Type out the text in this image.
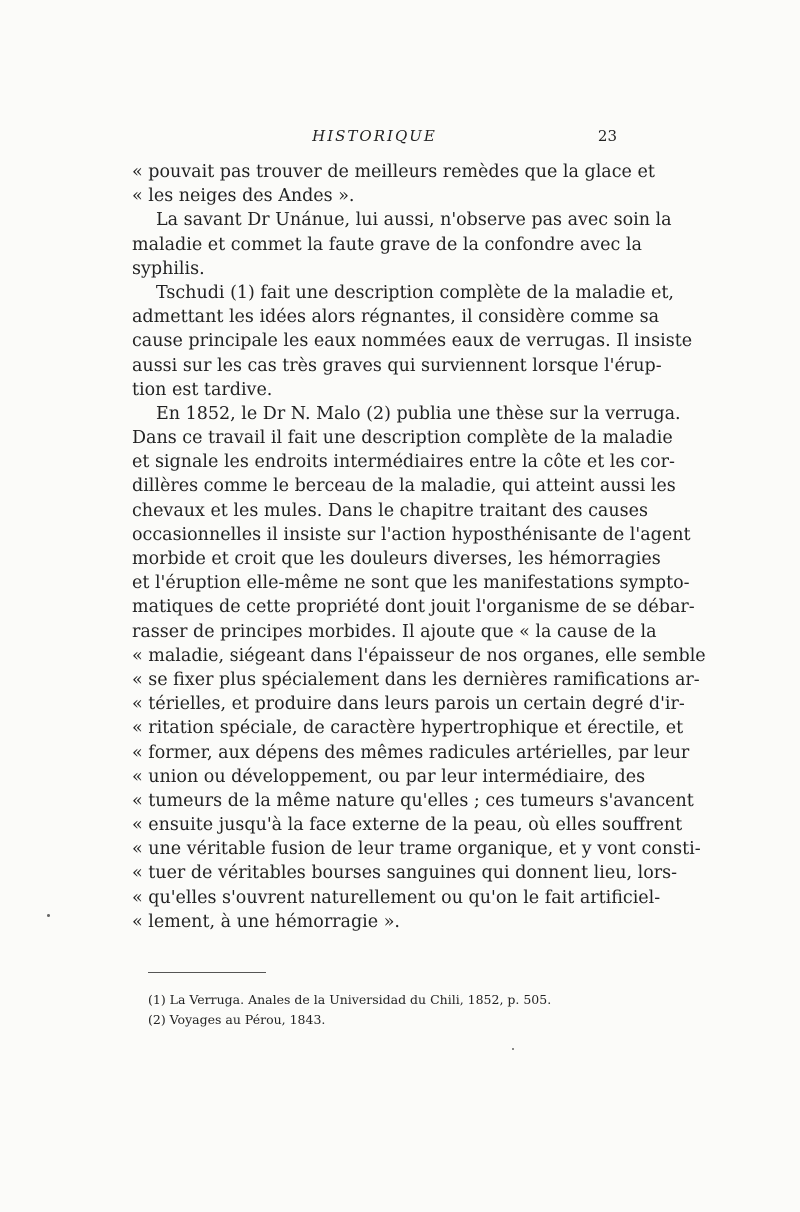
HISTORIQUE	23
« pouvait pas trouver de meilleurs remèdes que la glace et
« les neiges des Andes ».
La savant Dr Unánue, lui aussi, n'observe pas avec soin la
maladie et commet la faute grave de la confondre avec la
syphilis.
Tschudi (1) fait une description complète de la maladie et,
admettant les idées alors régnantes, il considère comme sa
cause principale les eaux nommées eaux de verrugas. Il insiste
aussi sur les cas très graves qui surviennent lorsque l'érup-
tion est tardive.
En 1852, le Dr N. Malo (2) publia une thèse sur la verruga.
Dans ce travail il fait une description complète de la maladie
et signale les endroits intermédiaires entre la côte et les cor-
dillères comme le berceau de la maladie, qui atteint aussi les
chevaux et les mules. Dans le chapitre traitant des causes
occasionnelles il insiste sur l'action hyposthénisante de l'agent
morbide et croit que les douleurs diverses, les hémorragies
et l'éruption elle-même ne sont que les manifestations sympto-
matiques de cette propriété dont jouit l'organisme de se débar-
rasser de principes morbides. Il ajoute que « la cause de la
« maladie, siégeant dans l'épaisseur de nos organes, elle semble
« se fixer plus spécialement dans les dernières ramifications ar-
« térielles, et produire dans leurs parois un certain degré d'ir-
« ritation spéciale, de caractère hypertrophique et érectile, et
« former, aux dépens des mêmes radicules artérielles, par leur
« union ou développement, ou par leur intermédiaire, des
« tumeurs de la même nature qu'elles ; ces tumeurs s'avancent
« ensuite jusqu'à la face externe de la peau, où elles souffrent
« une véritable fusion de leur trame organique, et y vont consti-
« tuer de véritables bourses sanguines qui donnent lieu, lors-
« qu'elles s'ouvrent naturellement ou qu'on le fait artificiel-
« lement, à une hémorragie ».
(1) La Verruga. Anales de la Universidad du Chili, 1852, p. 505.
(2) Voyages au Pérou, 1843.
